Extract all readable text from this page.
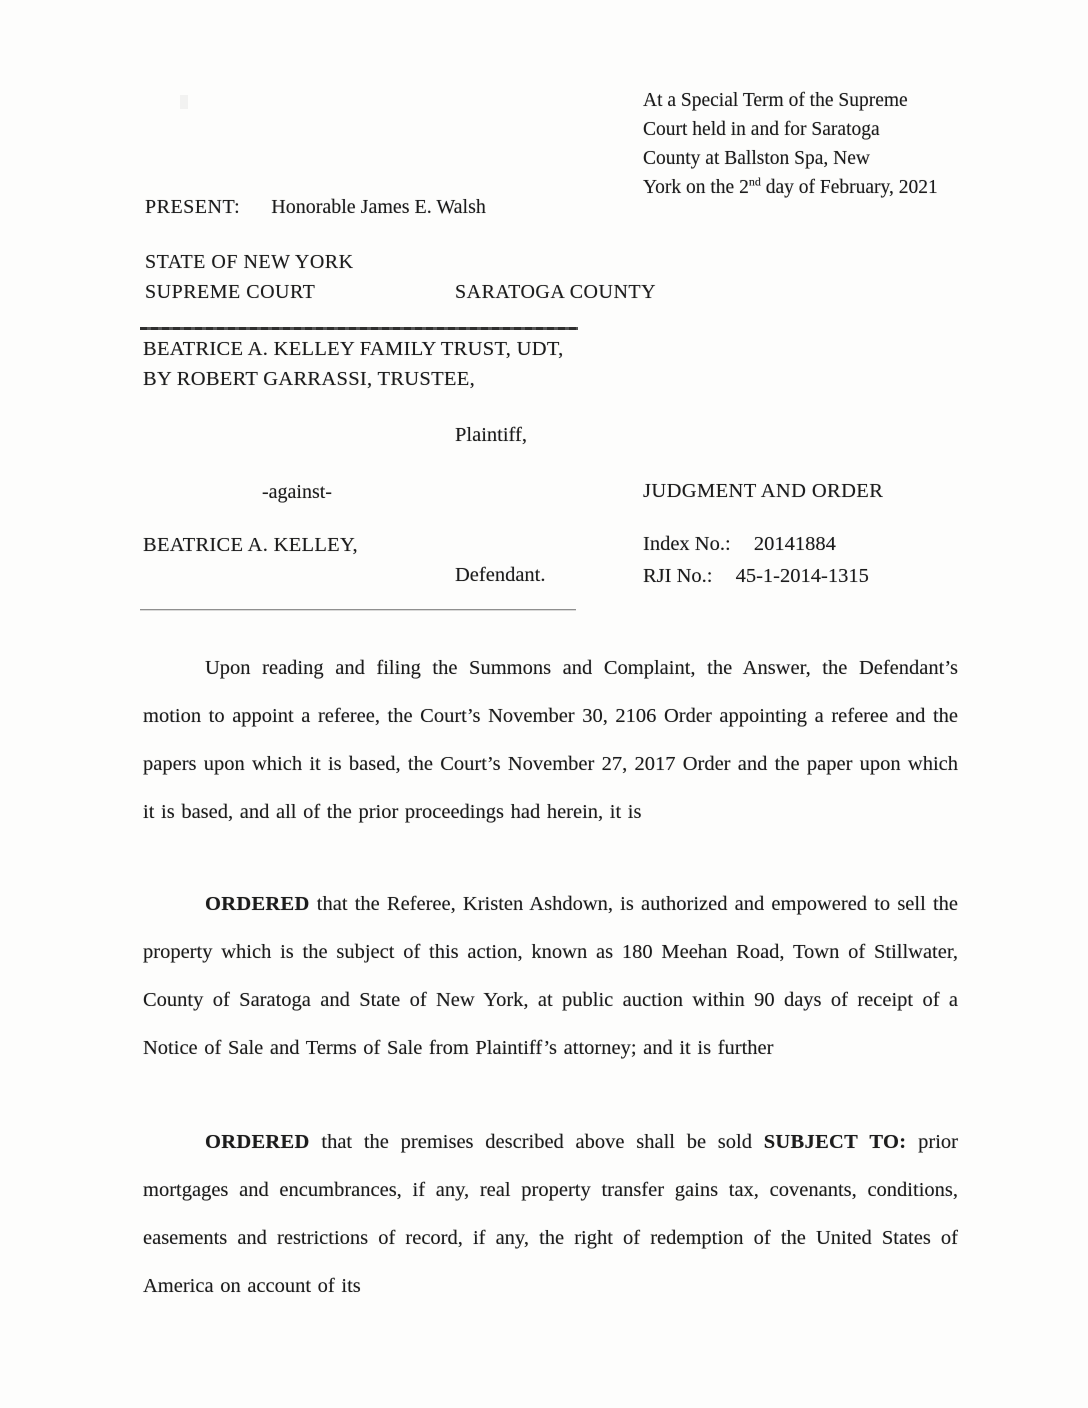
At a Special Term of the Supreme
Court held in and for Saratoga
County at Ballston Spa, New
York on the 2nd day of February, 2021
PRESENT: Honorable James E. Walsh
STATE OF NEW YORK
SUPREME COURT	SARATOGA COUNTY
BEATRICE A. KELLEY FAMILY TRUST, UDT,
BY ROBERT GARRASSI, TRUSTEE,
Plaintiff,
-against-	JUDGMENT AND ORDER
BEATRICE A. KELLEY,	Index No.: 20141884
Defendant.	RJI No.: 45-1-2014-1315
Upon reading and filing the Summons and Complaint, the Answer, the Defendant’s motion to appoint a referee, the Court’s November 30, 2106 Order appointing a referee and the papers upon which it is based, the Court’s November 27, 2017 Order and the paper upon which it is based, and all of the prior proceedings had herein, it is
ORDERED that the Referee, Kristen Ashdown, is authorized and empowered to sell the property which is the subject of this action, known as 180 Meehan Road, Town of Stillwater, County of Saratoga and State of New York, at public auction within 90 days of receipt of a Notice of Sale and Terms of Sale from Plaintiff’s attorney; and it is further
ORDERED that the premises described above shall be sold SUBJECT TO: prior mortgages and encumbrances, if any, real property transfer gains tax, covenants, conditions, easements and restrictions of record, if any, the right of redemption of the United States of America on account of its
